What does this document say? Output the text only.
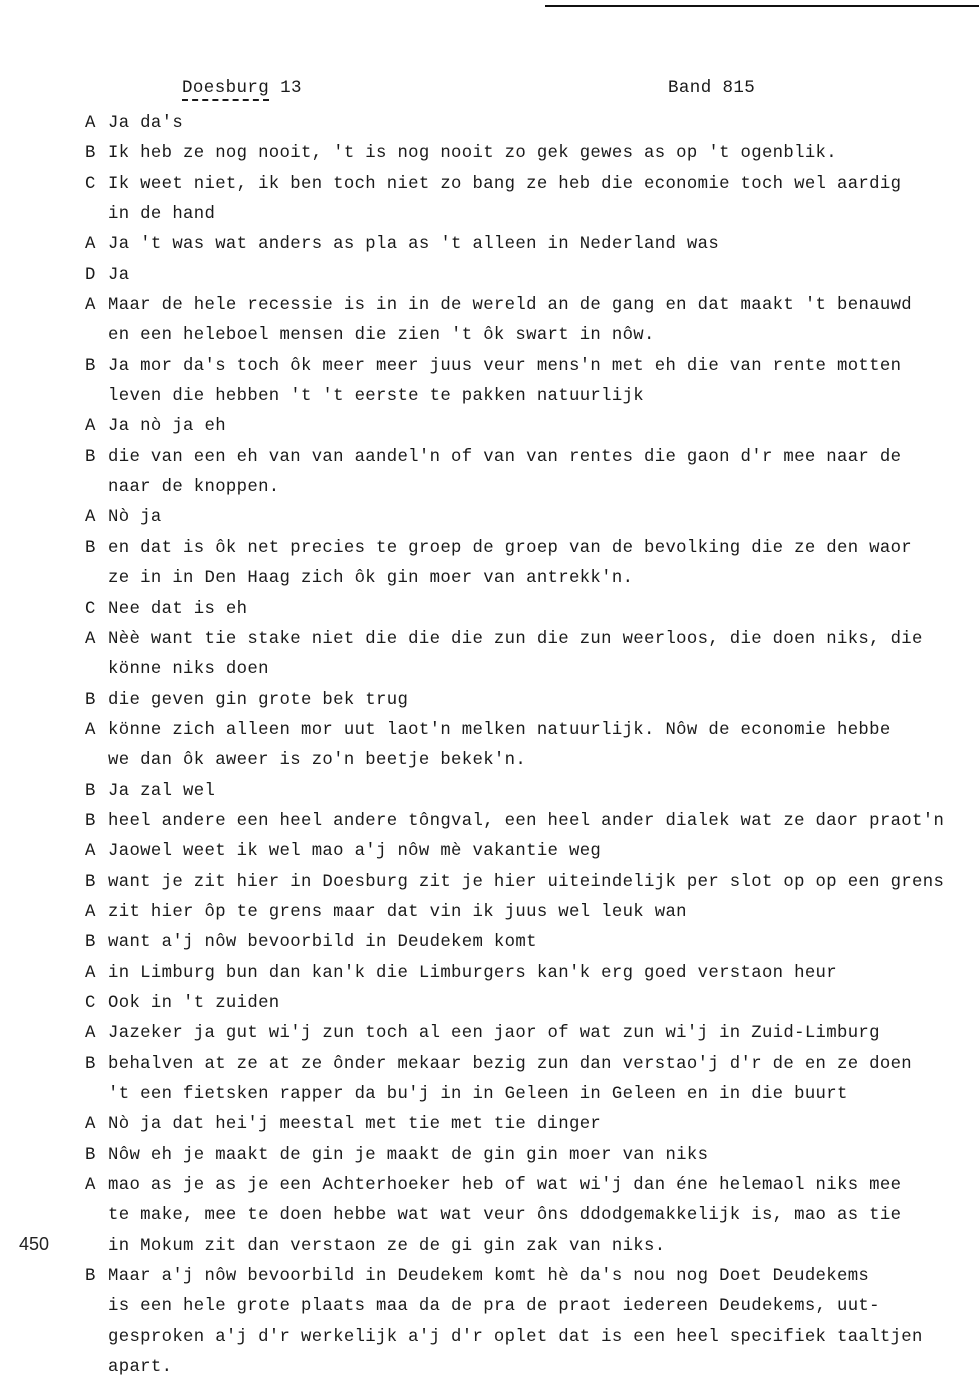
Doesburg 13	Band 815
A Ja da's
B Ik heb ze nog nooit, 't is nog nooit zo gek gewes as op 't ogenblik.
C Ik weet niet, ik ben toch niet zo bang ze heb die economie toch wel aardig
in de hand
A Ja 't was wat anders as pla as 't alleen in Nederland was
D Ja
A Maar de hele recessie is in in de wereld an de gang en dat maakt 't benauwd
en een heleboel mensen die zien 't ôk swart in nôw.
B Ja mor da's toch ôk meer meer juus veur mens'n met eh die van rente motten
leven die hebben 't 't eerste te pakken natuurlijk
A Ja nò ja eh
B die van een eh van van aandel'n of van van rentes die gaon d'r mee naar de
naar de knoppen.
A Nò ja
B en dat is ôk net precies te groep de groep van de bevolking die ze den waor
ze in in Den Haag zich ôk gin moer van antrekk'n.
C Nee dat is eh
A Nèè want tie stake niet die die die zun die zun weerloos, die doen niks, die
könne niks doen
B die geven gin grote bek trug
A könne zich alleen mor uut laot'n melken natuurlijk. Nôw de economie hebbe
we dan ôk aweer is zo'n beetje bekek'n.
B Ja zal wel
B heel andere een heel andere tôngval, een heel ander dialek wat ze daor praot'n
A Jaowel weet ik wel mao a'j nôw mè vakantie weg
B want je zit hier in Doesburg zit je hier uiteindelijk per slot op op een grens
A zit hier ôp te grens maar dat vin ik juus wel leuk wan
B want a'j nôw bevoorbild in Deudekem komt
A in Limburg bun dan kan'k die Limburgers kan'k erg goed verstaon heur
C Ook in 't zuiden
A Jazeker ja gut wi'j zun toch al een jaor of wat zun wi'j in Zuid-Limburg
B behalven at ze at ze ônder mekaar bezig zun dan verstao'j d'r de en ze doen
't een fietsken rapper da bu'j in in Geleen in Geleen en in die buurt
A Nò ja dat hei'j meestal met tie met tie dinger
B Nôw eh je maakt de gin je maakt de gin gin moer van niks
A mao as je as je een Achterhoeker heb of wat wi'j dan éne helemaol niks mee
te make, mee te doen hebbe wat wat veur ôns ddodgemakkelijk is, mao as tie
in Mokum zit dan verstaon ze de gi gin zak van niks.
B Maar a'j nôw bevoorbild in Deudekem komt hè da's nou nog Doet Deudekems
is een hele grote plaats maa da de pra de praot iedereen Deudekems, uut-
gesproken a'j d'r werkelijk a'j d'r oplet dat is een heel specifiek taaltjen
apart.
450
